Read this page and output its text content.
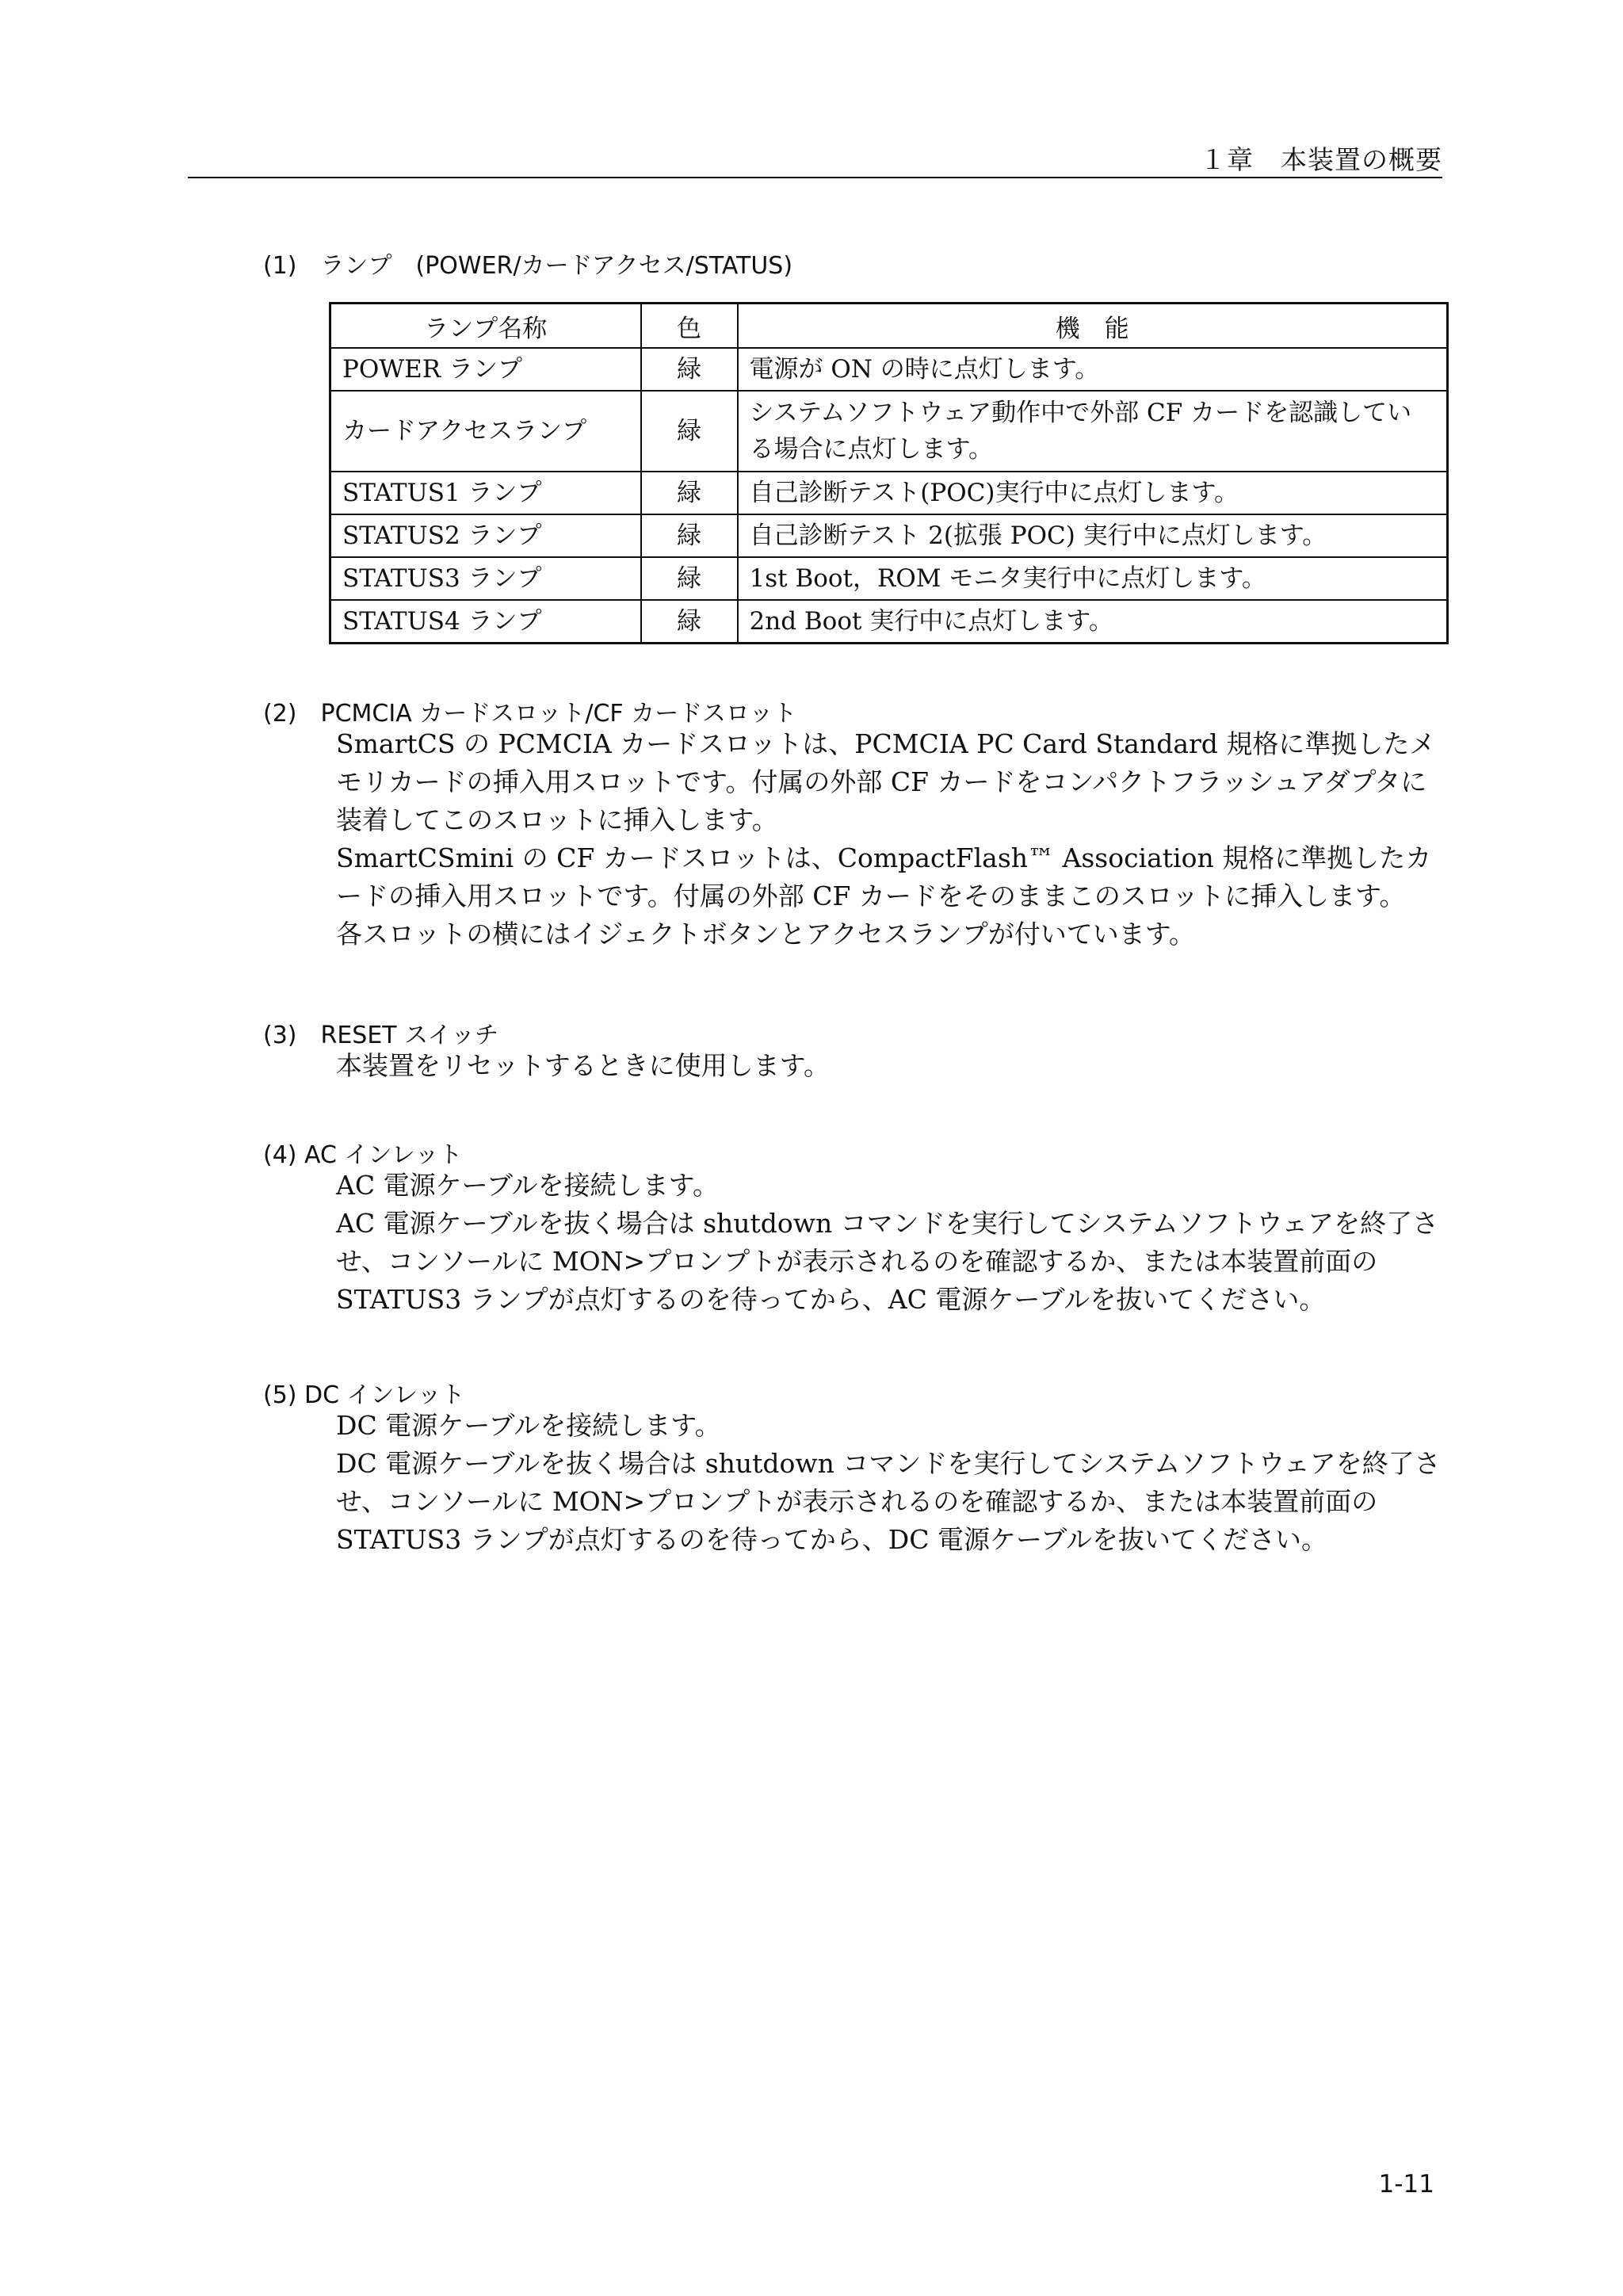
１章　本装置の概要
(1)　ランプ　(POWER/カードアクセス/STATUS)
ランプ名称	色	機　能
POWER ランプ	緑	電源が ON の時に点灯します。
カードアクセスランプ	緑	システムソフトウェア動作中で外部 CF カードを認識している場合に点灯します。
STATUS1 ランプ	緑	自己診断テスト(POC)実行中に点灯します。
STATUS2 ランプ	緑	自己診断テスト 2(拡張 POC) 実行中に点灯します。
STATUS3 ランプ	緑	1st Boot，ROM モニタ実行中に点灯します。
STATUS4 ランプ	緑	2nd Boot 実行中に点灯します。
(2)　PCMCIA カードスロット/CF カードスロット

SmartCS の PCMCIA カードスロットは、PCMCIA PC Card Standard 規格に準拠したメモリカードの挿入用スロットです。付属の外部 CF カードをコンパクトフラッシュアダプタに装着してこのスロットに挿入します。

SmartCSmini の CF カードスロットは、CompactFlash™ Association 規格に準拠したカードの挿入用スロットです。付属の外部 CF カードをそのままこのスロットに挿入します。

各スロットの横にはイジェクトボタンとアクセスランプが付いています。

(3)　RESET スイッチ

本装置をリセットするときに使用します。

(4) AC インレット

AC 電源ケーブルを接続します。

AC 電源ケーブルを抜く場合は shutdown コマンドを実行してシステムソフトウェアを終了させ、コンソールに MON>プロンプトが表示されるのを確認するか、または本装置前面の STATUS3 ランプが点灯するのを待ってから、AC 電源ケーブルを抜いてください。

(5) DC インレット

DC 電源ケーブルを接続します。

DC 電源ケーブルを抜く場合は shutdown コマンドを実行してシステムソフトウェアを終了させ、コンソールに MON>プロンプトが表示されるのを確認するか、または本装置前面の STATUS3 ランプが点灯するのを待ってから、DC 電源ケーブルを抜いてください。

1-11
